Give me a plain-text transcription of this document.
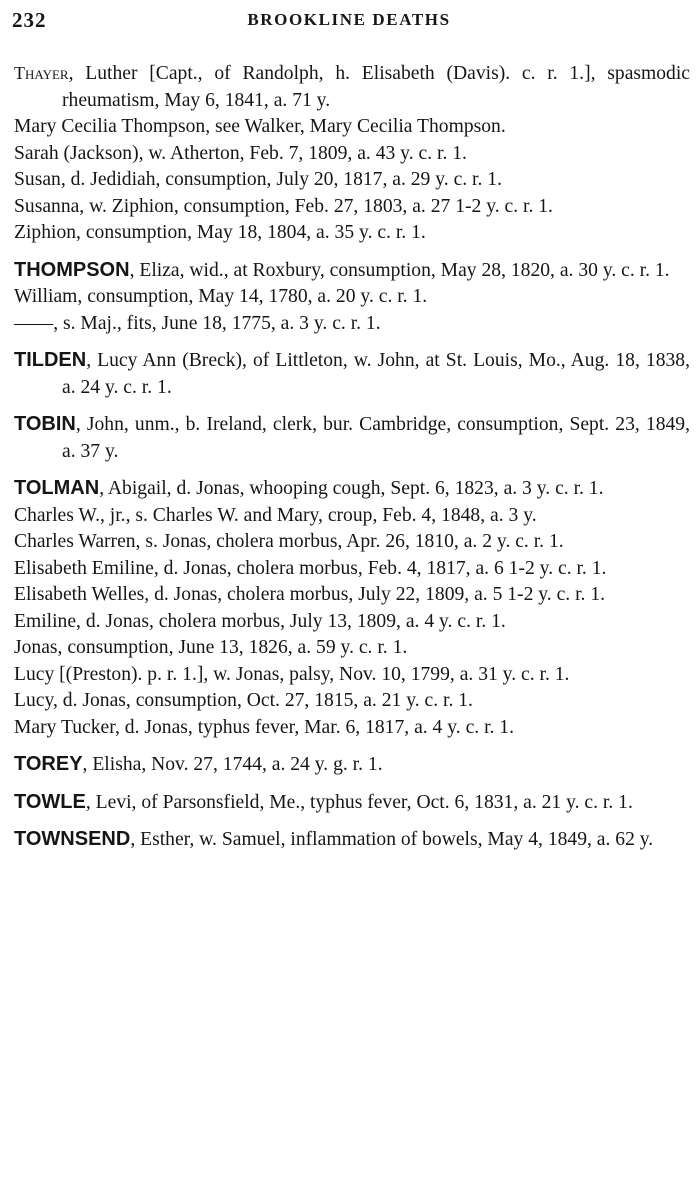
232	BROOKLINE DEATHS

Thayer, Luther [Capt., of Randolph, h. Elisabeth (Davis). c. r. 1.], spasmodic rheumatism, May 6, 1841, a. 71 y.

Mary Cecilia Thompson, see Walker, Mary Cecilia Thompson.

Sarah (Jackson), w. Atherton, Feb. 7, 1809, a. 43 y. c. r. 1.

Susan, d. Jedidiah, consumption, July 20, 1817, a. 29 y. c. r. 1.

Susanna, w. Ziphion, consumption, Feb. 27, 1803, a. 27 1-2 y. c. r. 1.

Ziphion, consumption, May 18, 1804, a. 35 y. c. r. 1.

THOMPSON, Eliza, wid., at Roxbury, consumption, May 28, 1820, a. 30 y. c. r. 1.

William, consumption, May 14, 1780, a. 20 y. c. r. 1.

——, s. Maj., fits, June 18, 1775, a. 3 y. c. r. 1.

TILDEN, Lucy Ann (Breck), of Littleton, w. John, at St. Louis, Mo., Aug. 18, 1838, a. 24 y. c. r. 1.

TOBIN, John, unm., b. Ireland, clerk, bur. Cambridge, consumption, Sept. 23, 1849, a. 37 y.

TOLMAN, Abigail, d. Jonas, whooping cough, Sept. 6, 1823, a. 3 y. c. r. 1.

Charles W., jr., s. Charles W. and Mary, croup, Feb. 4, 1848, a. 3 y.

Charles Warren, s. Jonas, cholera morbus, Apr. 26, 1810, a. 2 y. c. r. 1.

Elisabeth Emiline, d. Jonas, cholera morbus, Feb. 4, 1817, a. 6 1-2 y. c. r. 1.

Elisabeth Welles, d. Jonas, cholera morbus, July 22, 1809, a. 5 1-2 y. c. r. 1.

Emiline, d. Jonas, cholera morbus, July 13, 1809, a. 4 y. c. r. 1.

Jonas, consumption, June 13, 1826, a. 59 y. c. r. 1.

Lucy [(Preston). p. r. 1.], w. Jonas, palsy, Nov. 10, 1799, a. 31 y. c. r. 1.

Lucy, d. Jonas, consumption, Oct. 27, 1815, a. 21 y. c. r. 1.

Mary Tucker, d. Jonas, typhus fever, Mar. 6, 1817, a. 4 y. c. r. 1.

TOREY, Elisha, Nov. 27, 1744, a. 24 y. g. r. 1.

TOWLE, Levi, of Parsonsfield, Me., typhus fever, Oct. 6, 1831, a. 21 y. c. r. 1.

TOWNSEND, Esther, w. Samuel, inflammation of bowels, May 4, 1849, a. 62 y.
